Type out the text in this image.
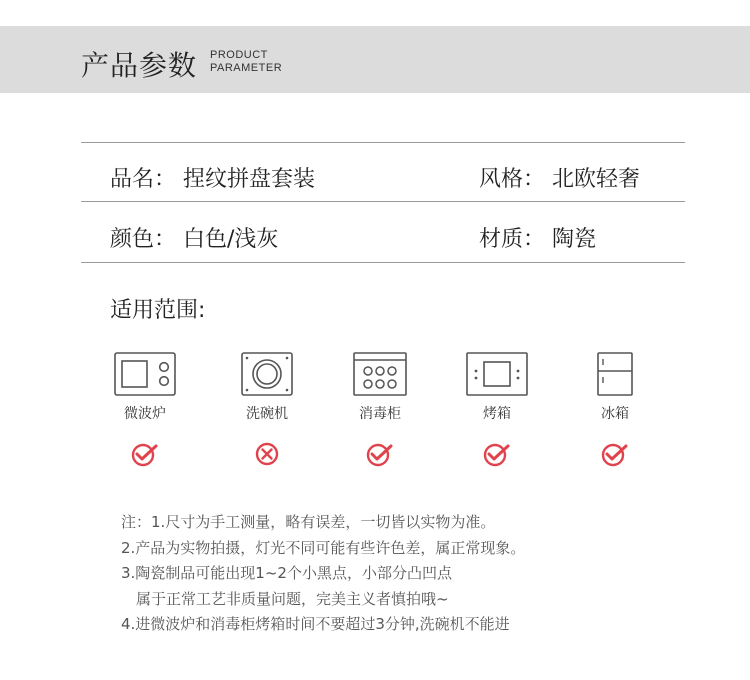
产品参数 PRODUCT
PARAMETER
品名： 捏纹拼盘套装	风格： 北欧轻奢
颜色： 白色/浅灰	材质： 陶瓷
适用范围:
微波炉	洗碗机	消毒柜	烤箱	冰箱
注：1.尺寸为手工测量，略有误差，一切皆以实物为准。
2.产品为实物拍摄，灯光不同可能有些许色差，属正常现象。
3.陶瓷制品可能出现1~2个小黑点，小部分凸凹点
属于正常工艺非质量问题，完美主义者慎拍哦~
4.进微波炉和消毒柜烤箱时间不要超过3分钟,洗碗机不能进
